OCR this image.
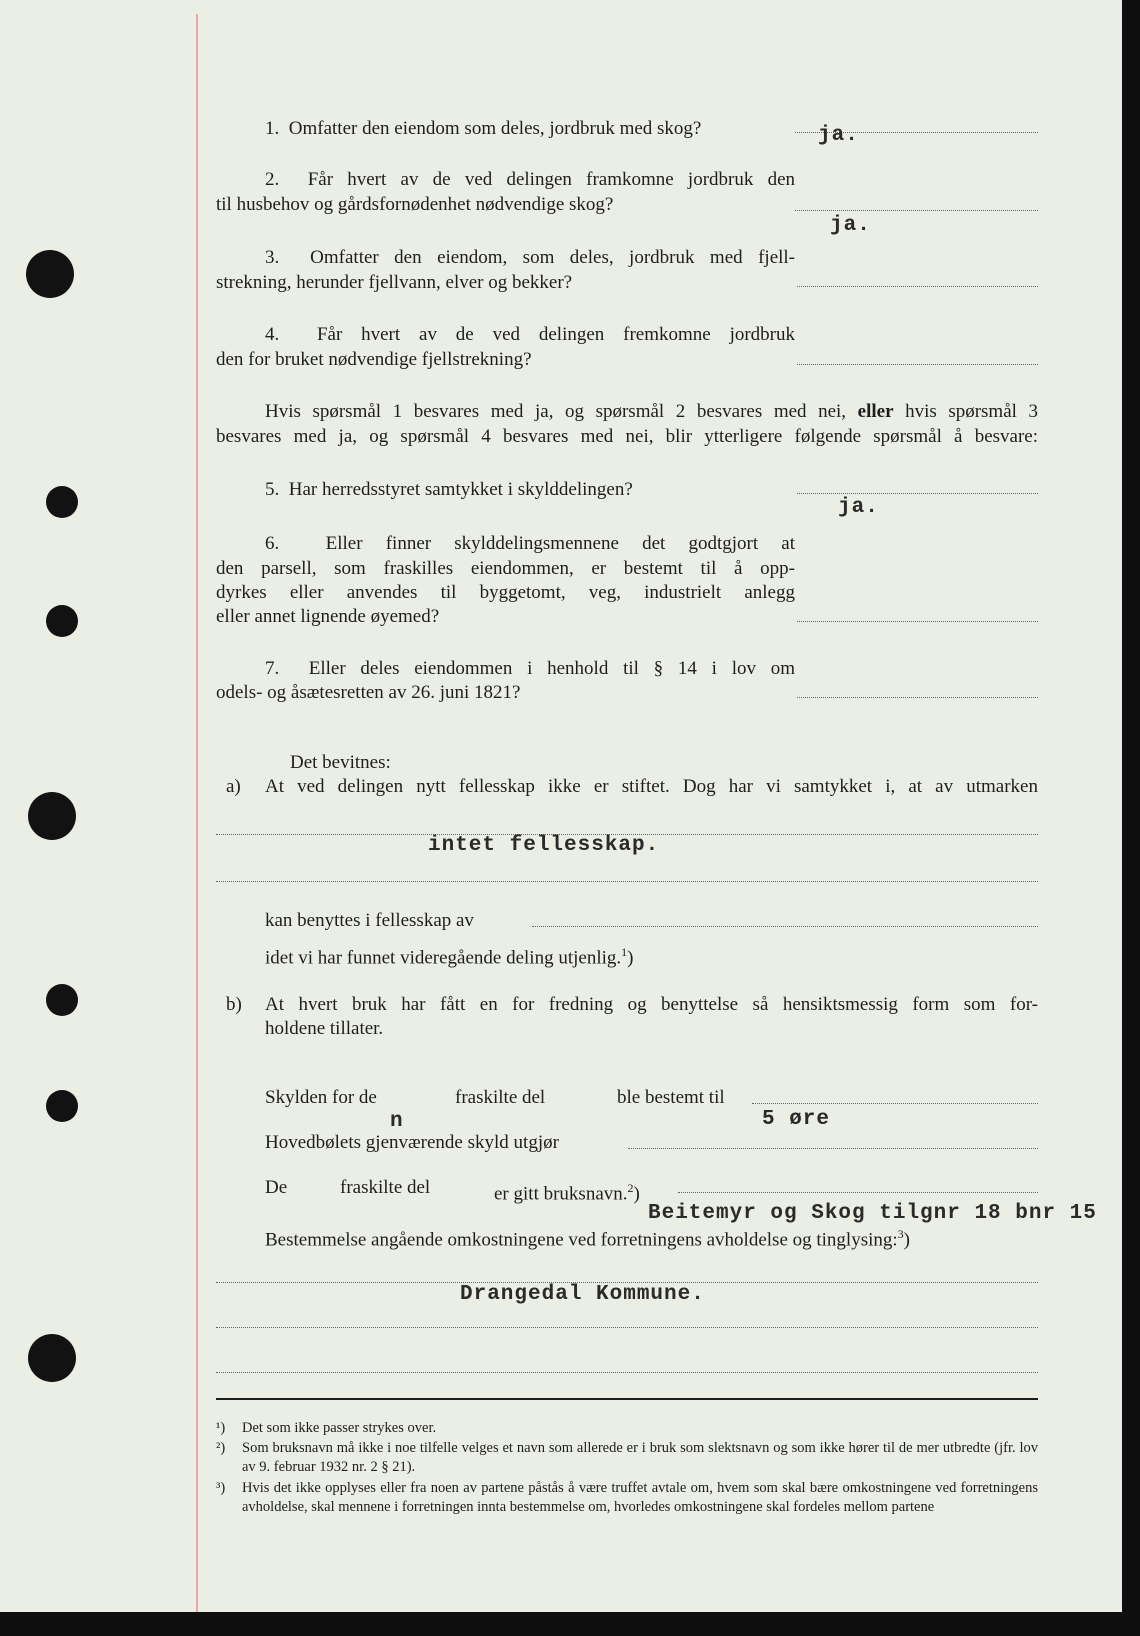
1. Omfatter den eiendom som deles, jordbruk med skog?	ja.
2. Får hvert av de ved delingen framkomne jordbruk den
til husbehov og gårdsfornødenhet nødvendige skog?
ja.
3. Omfatter den eiendom, som deles, jordbruk med fjell-
strekning, herunder fjellvann, elver og bekker?
4. Får hvert av de ved delingen fremkomne jordbruk
den for bruket nødvendige fjellstrekning?
Hvis spørsmål 1 besvares med ja, og spørsmål 2 besvares med nei, eller hvis spørsmål 3
besvares med ja, og spørsmål 4 besvares med nei, blir ytterligere følgende spørsmål å besvare:
5. Har herredsstyret samtykket i skylddelingen?
ja.
6. Eller finner skylddelingsmennene det godtgjort at
den parsell, som fraskilles eiendommen, er bestemt til å opp-
dyrkes eller anvendes til byggetomt, veg, industrielt anlegg
eller annet lignende øyemed?
7. Eller deles eiendommen i henhold til § 14 i lov om
odels- og åsætesretten av 26. juni 1821?
Det bevitnes:
a) At ved delingen nytt fellesskap ikke er stiftet. Dog har vi samtykket i, at av utmarken
intet fellesskap.
kan benyttes i fellesskap av
idet vi har funnet videregående deling utjenlig.$^1$)
b) At hvert bruk har fått en for fredning og benyttelse så hensiktsmessig form som for-
holdene tillater.
Skylden for de	fraskilte del	ble bestemt til
n	5 øre
Hovedbølets gjenværende skyld utgjør
De	fraskilte del	er gitt bruksnavn.$^2$)
Beitemyr og Skog tilgnr 18 bnr 15
Bestemmelse angående omkostningene ved forretningens avholdelse og tinglysing:$^3$)
Drangedal Kommune.
¹)	Det som ikke passer strykes over.
²)	Som bruksnavn må ikke i noe tilfelle velges et navn som allerede er i bruk som slektsnavn og som ikke hører til de mer utbredte (jfr. lov av 9. februar 1932 nr. 2 § 21).
³)	Hvis det ikke opplyses eller fra noen av partene påstås å være truffet avtale om, hvem som skal bære omkostningene ved forretningens avholdelse, skal mennene i forretningen innta bestemmelse om, hvorledes omkostningene skal fordeles mellom partene
